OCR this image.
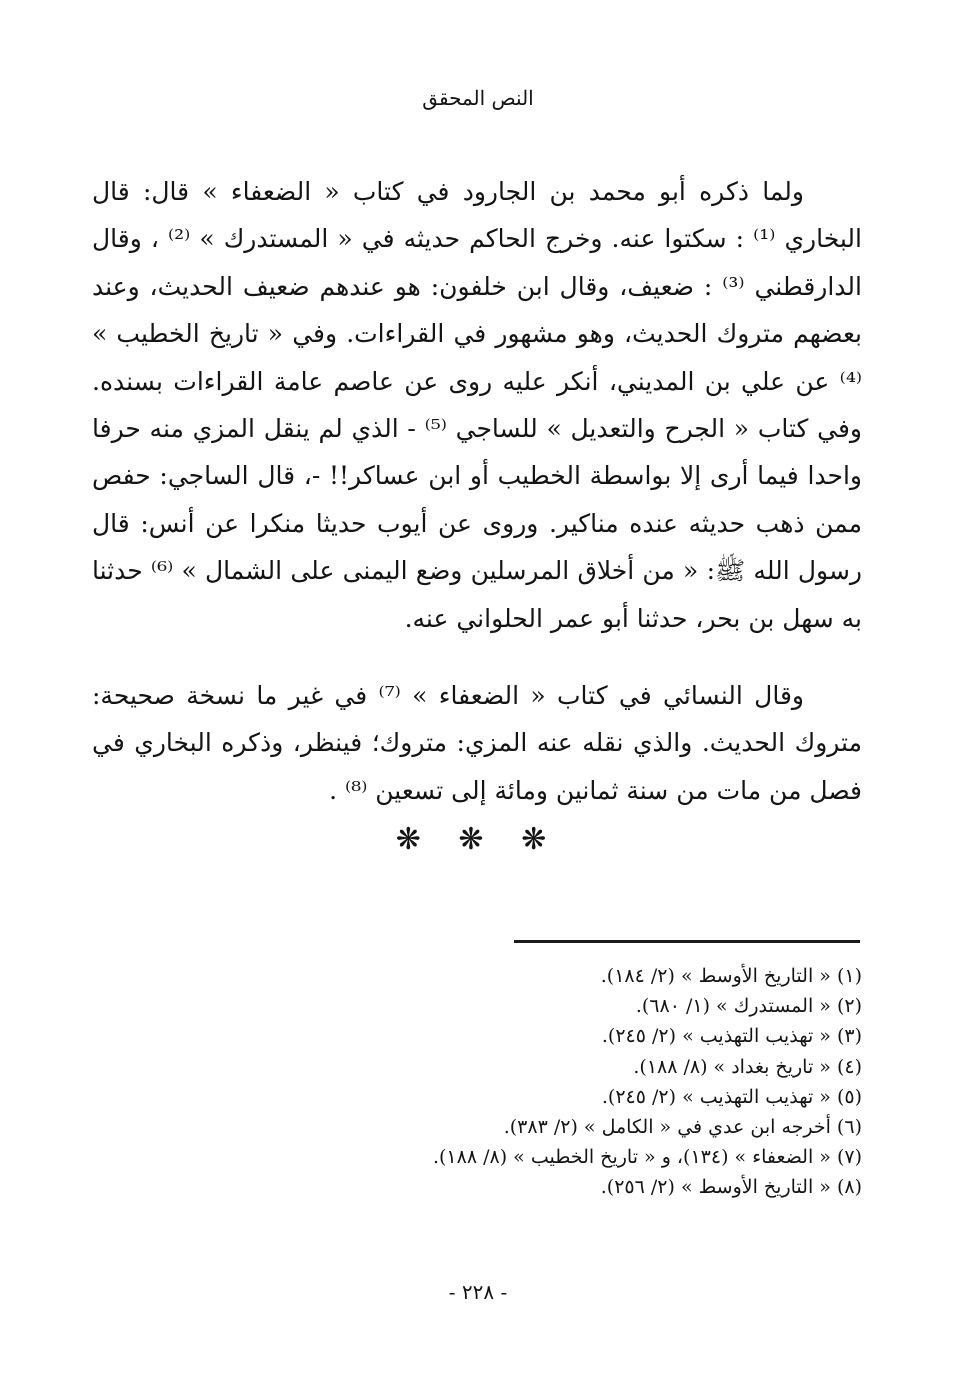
النص المحقق

ولما ذكره أبو محمد بن الجارود في كتاب « الضعفاء » قال: قال البخاري ⁽¹⁾ : سكتوا عنه. وخرج الحاكم حديثه في « المستدرك » ⁽²⁾ ، وقال الدارقطني ⁽³⁾ : ضعيف، وقال ابن خلفون: هو عندهم ضعيف الحديث، وعند بعضهم متروك الحديث، وهو مشهور في القراءات. وفي « تاريخ الخطيب » ⁽⁴⁾ عن علي بن المديني، أنكر عليه روى عن عاصم عامة القراءات بسنده. وفي كتاب « الجرح والتعديل » للساجي ⁽⁵⁾ - الذي لم ينقل المزي منه حرفا واحدا فيما أرى إلا بواسطة الخطيب أو ابن عساكر!! -، قال الساجي: حفص ممن ذهب حديثه عنده مناكير. وروى عن أيوب حديثا منكرا عن أنس: قال رسول الله ﷺ: « من أخلاق المرسلين وضع اليمنى على الشمال » ⁽⁶⁾ حدثنا به سهل بن بحر، حدثنا أبو عمر الحلواني عنه.

وقال النسائي في كتاب « الضعفاء » ⁽⁷⁾ في غير ما نسخة صحيحة: متروك الحديث. والذي نقله عنه المزي: متروك؛ فينظر، وذكره البخاري في فصل من مات من سنة ثمانين ومائة إلى تسعين ⁽⁸⁾ .

❋ ❋ ❋
(١) « التاريخ الأوسط » (٢/ ١٨٤).
(٢) « المستدرك » (١/ ٦٨٠).
(٣) « تهذيب التهذيب » (٢/ ٢٤٥).
(٤) « تاريخ بغداد » (٨/ ١٨٨).
(٥) « تهذيب التهذيب » (٢/ ٢٤٥).
(٦) أخرجه ابن عدي في « الكامل » (٢/ ٣٨٣).
(٧) « الضعفاء » (١٣٤)، و « تاريخ الخطيب » (٨/ ١٨٨).
(٨) « التاريخ الأوسط » (٢/ ٢٥٦).
- ٢٢٨ -
